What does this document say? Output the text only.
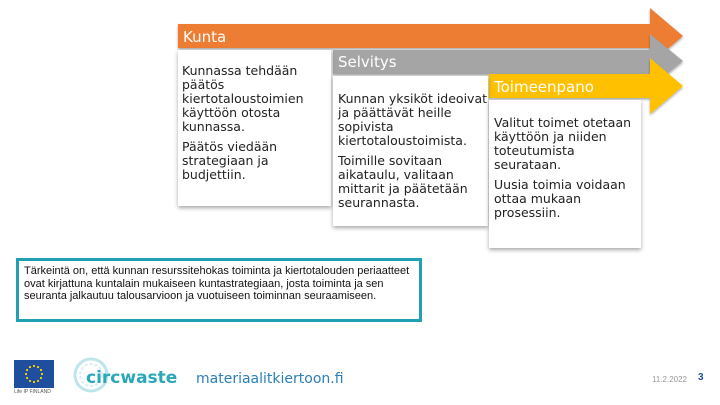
Kunta
Selvitys
Toimeenpano

Kunnassa tehdään
päätös
kiertotaloustoimien
käyttöön otosta
kunnassa.

Päätös viedään
strategiaan ja
budjettiin.

Kunnan yksiköt ideoivat
ja päättävät heille
sopivista
kiertotaloustoimista.

Toimille sovitaan
aikataulu, valitaan
mittarit ja päätetään
seurannasta.

Valitut toimet otetaan
käyttöön ja niiden
toteutumista
seurataan.

Uusia toimia voidaan
ottaa mukaan
prosessiin.

Tärkeintä on, että kunnan resurssitehokas toiminta ja kiertotalouden periaatteet ovat kirjattuna kuntalain mukaiseen kuntastrategiaan, josta toiminta ja sen seuranta jalkautuu talousarvioon ja vuotuiseen toiminnan seuraamiseen.
Life IP FINLAND
circwaste materiaalitkiertoon.fi	11.2.2022 3
